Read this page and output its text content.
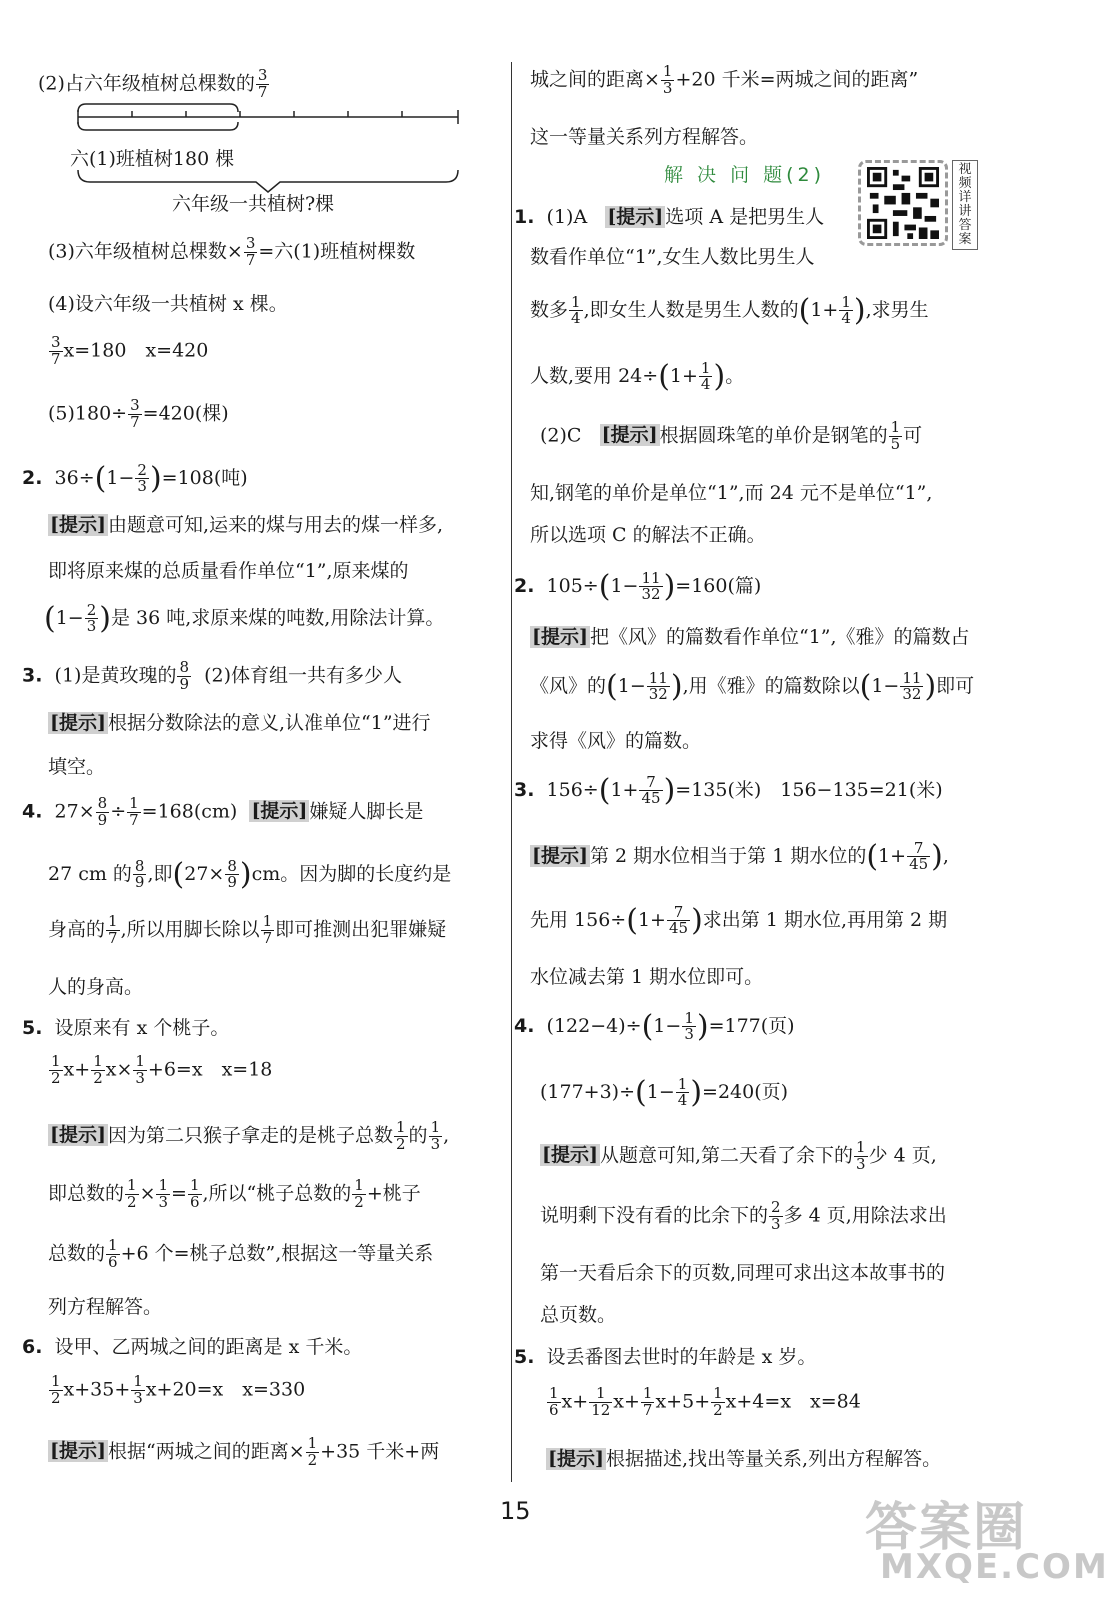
(2)占六年级植树总棵数的 $\frac{3}{7}$
六(1)班植树180 棵
六年级一共植树?棵
(3)六年级植树总棵数× $\frac{3}{7}$ =六(1)班植树棵数
(4)设六年级一共植树 x 棵。
$\frac{3}{7} x=180$　x=420
$(5)180\div \frac{3}{7} =420$(棵)
2. $36\div(1- \frac{2}{3} )=108$(吨)
[提示] 由题意可知,运来的煤与用去的煤一样多,
即将原来煤的总质量看作单位“1”,原来煤的
($1- \frac{2}{3}$ )是 36 吨,求原来煤的吨数,用除法计算。
3. (1)是黄玫瑰的 $\frac{8}{9} (2)$体育组一共有多少人
[提示] 根据分数除法的意义,认准单位“1”进行
填空。
4. $27\times \frac{8}{9} \div \frac{1}{7} =168(cm)$ [提示] 嫌疑人脚长是
27 cm 的 $\frac{8}{9}$ ,即$(27\times \frac{8}{9} )cm$。因为脚的长度约是
身高的 $\frac{1}{7}$ ,所以用脚长除以 $\frac{1}{7}$ 即可推测出犯罪嫌疑
人的身高。
5. 设原来有 x 个桃子。
$\frac{1}{2} x+ \frac{1}{2} x\times \frac{1}{3} +6=x$　x=18
[提示] 因为第二只猴子拿走的是桃子总数 $\frac{1}{2}$ 的 $\frac{1}{3}$ ,
即总数的 $\frac{1}{2} \times \frac{1}{3} = \frac{1}{6}$ ,所以“桃子总数的 $\frac{1}{2}$ +桃子
总数的 $\frac{1}{6} +6$ 个=桃子总数”,根据这一等量关系
列方程解答。
6. 设甲、乙两城之间的距离是 x 千米。
$\frac{1}{2} x+35+ \frac{1}{3} x+20=x$　x=330
[提示] 根据“两城之间的距离× $\frac{1}{2} +35$ 千米+两
城之间的距离× $\frac{1}{3} +20$ 千米=两城之间的距离”
这一等量关系列方程解答。
解 决 问 题(2)	视频详讲答案
1. (1)A [提示] 选项 A 是把男生人
数看作单位“1”,女生人数比男生人
数多 $\frac{1}{4}$ ,即女生人数是男生人数的($1+ \frac{1}{4}$ ),求男生
人数,要用 $24\div(1+ \frac{1}{4}$ )。
(2)C [提示] 根据圆珠笔的单价是钢笔的 $\frac{1}{5}$ 可
知,钢笔的单价是单位“1”,而 24 元不是单位“1”,
所以选项 C 的解法不正确。
2. $105\div(1- \frac{11}{32} )=160$(篇)
[提示] 把《风》的篇数看作单位“1”,《雅》的篇数占
《风》的($1- \frac{11}{32}$ ),用《雅》的篇数除以($1- \frac{11}{32}$ )即可
求得《风》的篇数。
3. $156\div(1+ \frac{7}{45} )=135$(米)　156−135=21(米)
[提示] 第 2 期水位相当于第 1 期水位的($1+ \frac{7}{45}$ ),
先用 $156\div(1+ \frac{7}{45}$ )求出第 1 期水位,再用第 2 期
水位减去第 1 期水位即可。
4. $(122-4)\div(1- \frac{1}{3} )=177$(页)
$(177+3)\div(1- \frac{1}{4} )=240$(页)
[提示] 从题意可知,第二天看了余下的 $\frac{1}{3}$ 少 4 页,
说明剩下没有看的比余下的 $\frac{2}{3}$ 多 4 页,用除法求出
第一天看后余下的页数,同理可求出这本故事书的
总页数。
5. 设丢番图去世时的年龄是 x 岁。
$\frac{1}{6} x+ \frac{1}{12} x+ \frac{1}{7} x+5+ \frac{1}{2} x+4=x$　x=84
[提示] 根据描述,找出等量关系,列出方程解答。
15	答案圈
MXQE.COM
